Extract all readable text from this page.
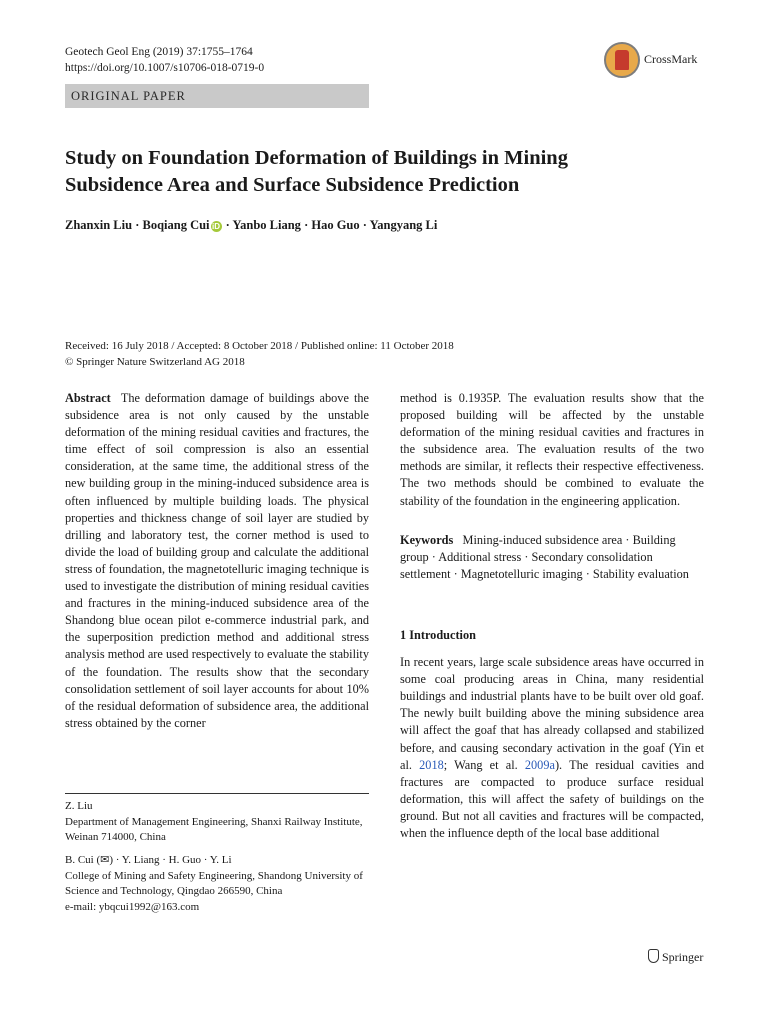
Geotech Geol Eng (2019) 37:1755–1764
https://doi.org/10.1007/s10706-018-0719-0
CrossMark
ORIGINAL PAPER
Study on Foundation Deformation of Buildings in Mining
Subsidence Area and Surface Subsidence Prediction
Zhanxin Liu · Boqiang Cui iD · Yanbo Liang · Hao Guo · Yangyang Li
Received: 16 July 2018 / Accepted: 8 October 2018 / Published online: 11 October 2018
© Springer Nature Switzerland AG 2018

Abstract The deformation damage of buildings above the subsidence area is not only caused by the unstable deformation of the mining residual cavities and fractures, the time effect of soil compression is also an essential consideration, at the same time, the additional stress of the new building group in the mining-induced subsidence area is often influenced by multiple building loads. The physical properties and thickness change of soil layer are studied by drilling and laboratory test, the corner method is used to divide the load of building group and calculate the additional stress of foundation, the magnetotelluric imaging technique is used to investigate the distribution of mining residual cavities and fractures in the mining-induced subsidence area of the Shandong blue ocean pilot e-commerce industrial park, and the superposition prediction method and additional stress analysis method are used respectively to evaluate the stability of the foundation. The results show that the secondary consolidation settlement of soil layer accounts for about 10% of the residual deformation of subsidence area, the additional stress obtained by the corner

Z. Liu
Department of Management Engineering, Shanxi Railway Institute, Weinan 714000, China
B. Cui (✉) · Y. Liang · H. Guo · Y. Li
College of Mining and Safety Engineering, Shandong University of Science and Technology, Qingdao 266590, China
e-mail: ybqcui1992@163.com

method is 0.1935P. The evaluation results show that the proposed building will be affected by the unstable deformation of the mining residual cavities and fractures in the subsidence area. The evaluation results of the two methods are similar, it reflects their respective effectiveness. The two methods should be combined to evaluate the stability of the foundation in the engineering application.

Keywords Mining-induced subsidence area · Building group · Additional stress · Secondary consolidation settlement · Magnetotelluric imaging · Stability evaluation

1 Introduction

In recent years, large scale subsidence areas have occurred in some coal producing areas in China, many residential buildings and industrial plants have to be built over old goaf. The newly built building above the mining subsidence area will affect the goaf that has already collapsed and stabilized before, and causing secondary activation in the goaf (Yin et al. 2018; Wang et al. 2009a). The residual cavities and fractures are compacted to produce surface residual deformation, this will affect the safety of buildings on the ground. But not all cavities and fractures will be compacted, when the influence depth of the local base additional

Springer
